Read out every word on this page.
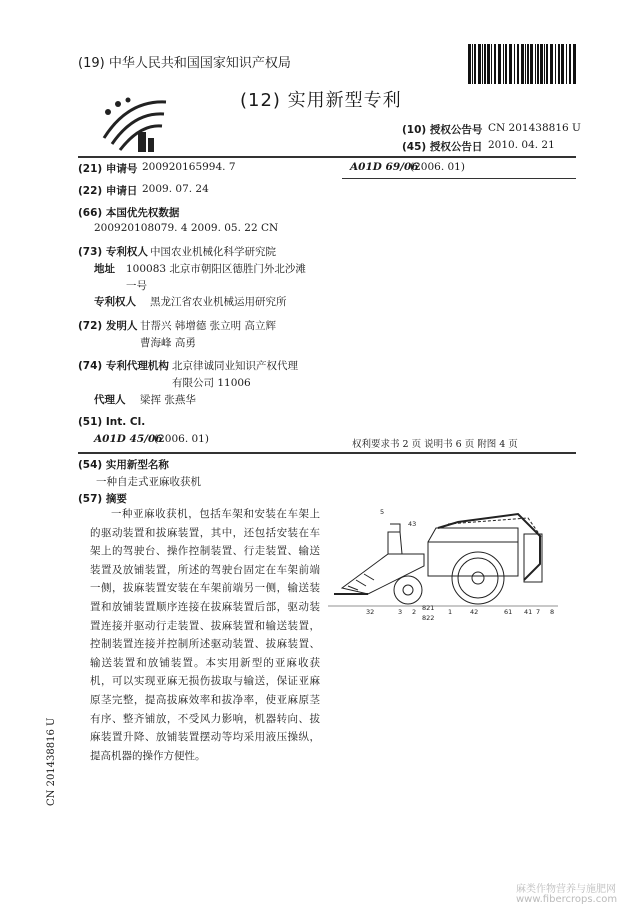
(19) 中华人民共和国国家知识产权局
(12) 实用新型专利
(10) 授权公告号 CN 201438816 U
(45) 授权公告日 2010. 04. 21
(21) 申请号 200920165994. 7
(22) 申请日 2009. 07. 24
(66) 本国优先权数据
200920108079. 4 2009. 05. 22 CN
(73) 专利权人 中国农业机械化科学研究院
地址 100083 北京市朝阳区德胜门外北沙滩
一号
专利权人 黑龙江省农业机械运用研究所
(72) 发明人 甘帮兴 韩增德 张立明 高立辉
曹海峰 高勇
(74) 专利代理机构 北京律诚同业知识产权代理
有限公司 11006
代理人 梁挥 张燕华
(51) Int. Cl.
A01D 45/06
(2006. 01)
A01D 69/06
(2006. 01)
权利要求书 2 页 说明书 6 页 附图 4 页
(54) 实用新型名称
一种自走式亚麻收获机
(57) 摘要

一种亚麻收获机，包括车架和安装在车架上的驱动装置和拔麻装置，其中，还包括安装在车架上的驾驶台、操作控制装置、行走装置、输送装置及放铺装置，所述的驾驶台固定在车架前端一侧，拔麻装置安装在车架前端另一侧，输送装置和放铺装置顺序连接在拔麻装置后部，驱动装置连接并驱动行走装置、拔麻装置和输送装置，控制装置连接并控制所述驱动装置、拔麻装置、输送装置和放铺装置。本实用新型的亚麻收获机，可以实现亚麻无损伤拔取与输送，保证亚麻原茎完整，提高拔麻效率和拔净率，使亚麻原茎有序、整齐铺放，不受风力影响，机器转向、拔麻装置升降、放铺装置摆动等均采用液压操纵，提高机器的操作方便性。

5
43
32	3 2 821
822
1	42	61 41 7 8
CN 201438816 U
麻类作物营养与施肥网
www.fibercrops.com
